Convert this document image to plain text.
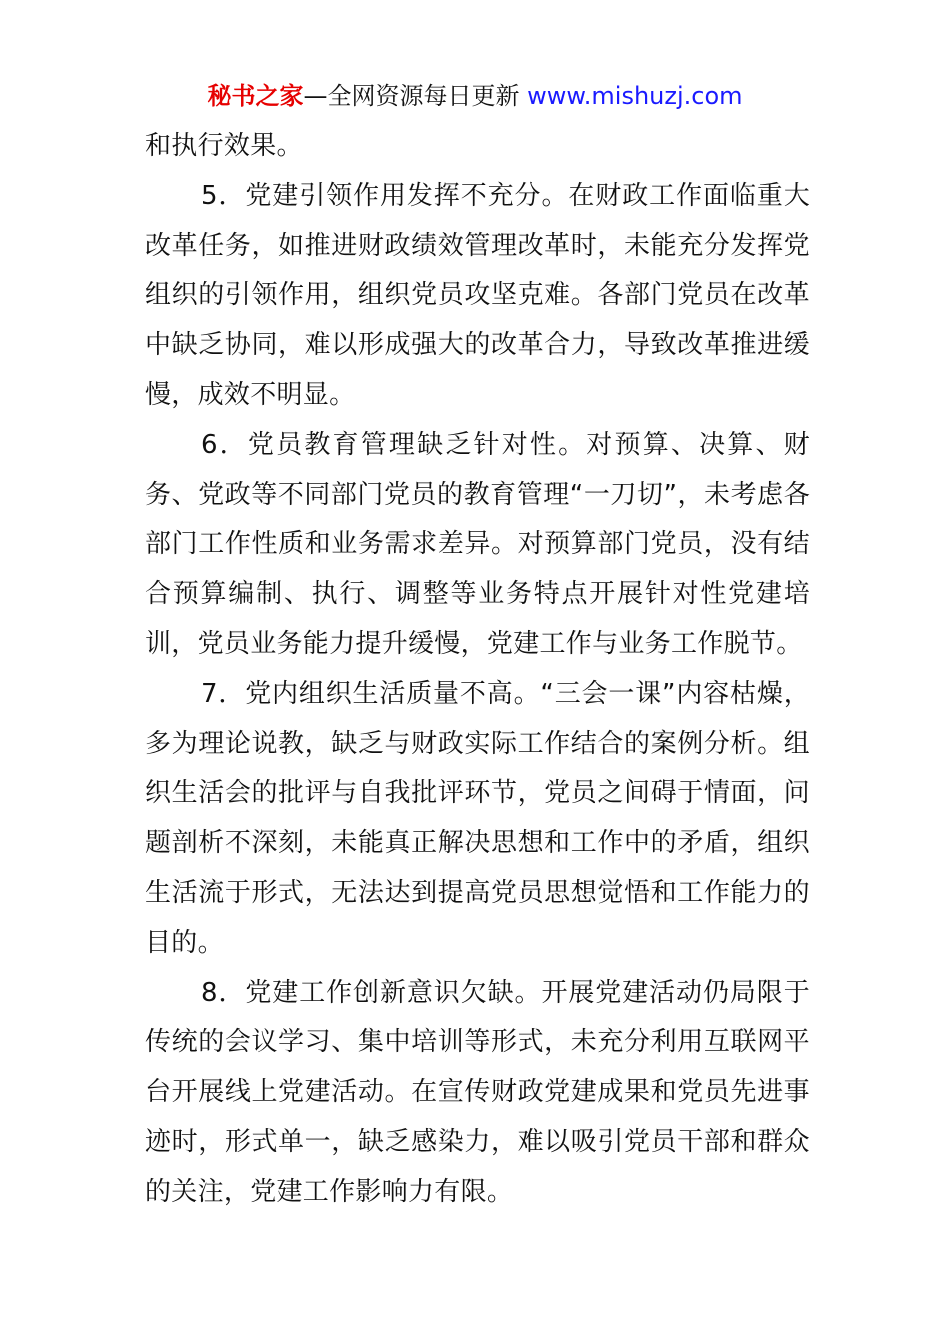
秘书之家—全网资源每日更新 www.mishuzj.com

和执行效果。

5．党建引领作用发挥不充分。在财政工作面临重大改革任务，如推进财政绩效管理改革时，未能充分发挥党组织的引领作用，组织党员攻坚克难。各部门党员在改革中缺乏协同，难以形成强大的改革合力，导致改革推进缓慢，成效不明显。

6．党员教育管理缺乏针对性。对预算、决算、财务、党政等不同部门党员的教育管理“一刀切”，未考虑各部门工作性质和业务需求差异。对预算部门党员，没有结合预算编制、执行、调整等业务特点开展针对性党建培训，党员业务能力提升缓慢，党建工作与业务工作脱节。

7．党内组织生活质量不高。“三会一课”内容枯燥，多为理论说教，缺乏与财政实际工作结合的案例分析。组织生活会的批评与自我批评环节，党员之间碍于情面，问题剖析不深刻，未能真正解决思想和工作中的矛盾，组织生活流于形式，无法达到提高党员思想觉悟和工作能力的目的。

8．党建工作创新意识欠缺。开展党建活动仍局限于传统的会议学习、集中培训等形式，未充分利用互联网平台开展线上党建活动。在宣传财政党建成果和党员先进事迹时，形式单一，缺乏感染力，难以吸引党员干部和群众的关注，党建工作影响力有限。
